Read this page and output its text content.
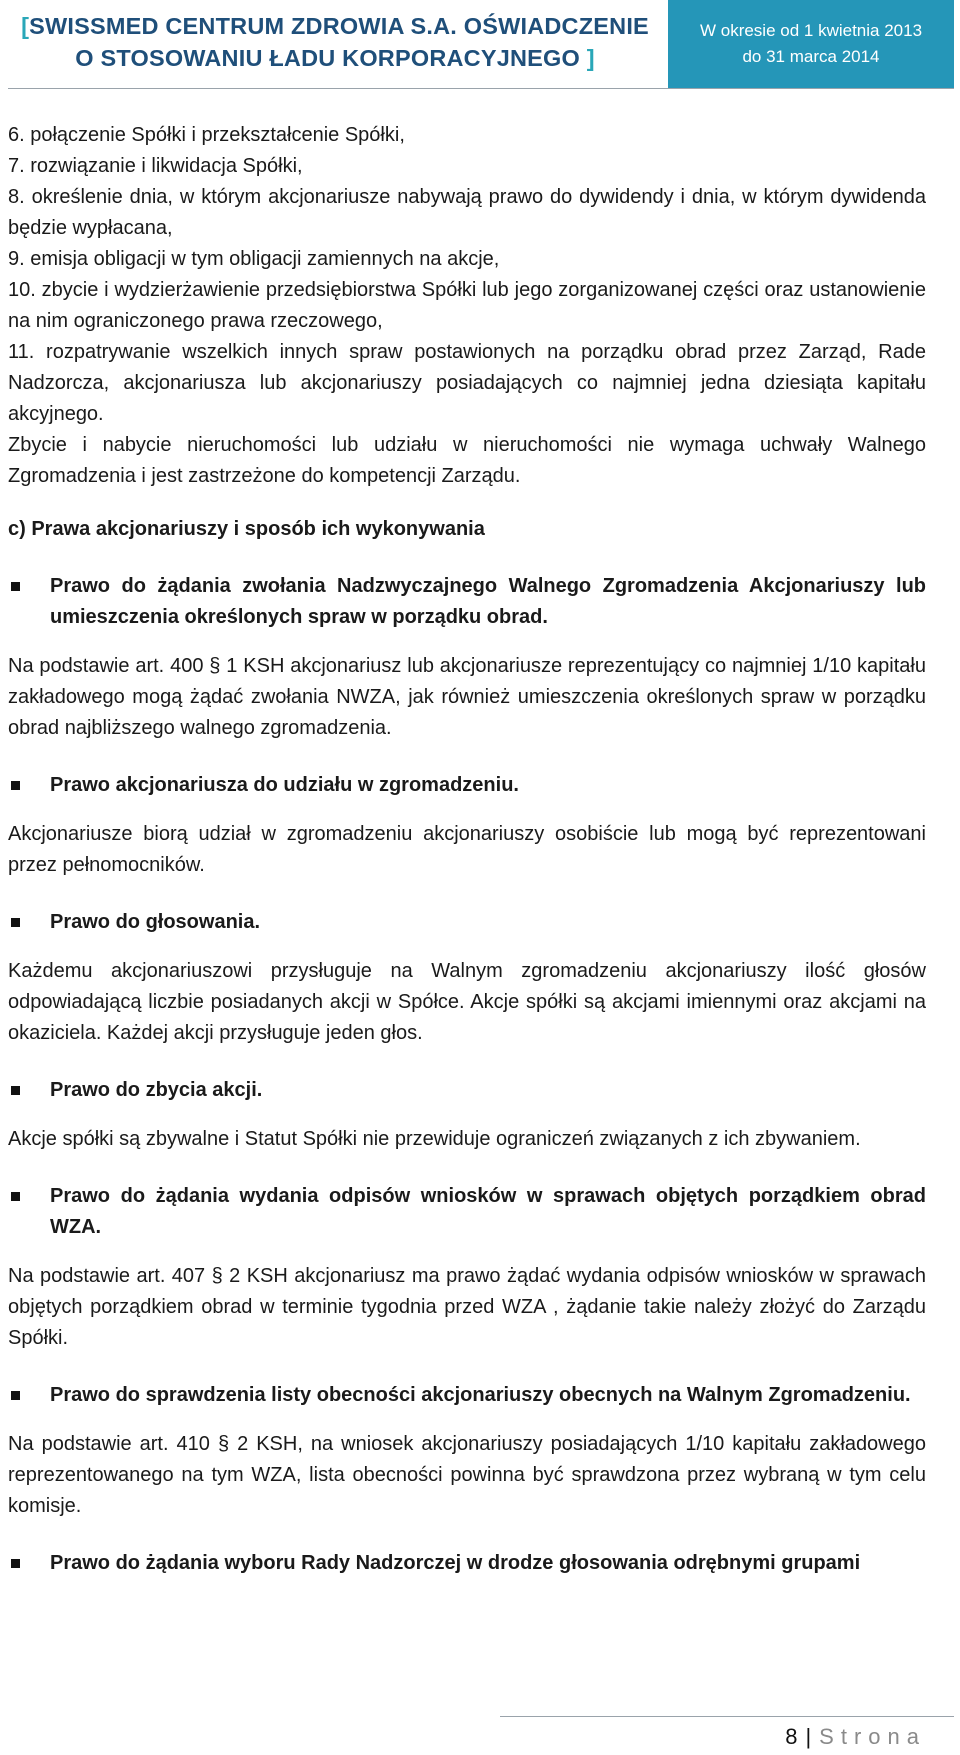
[SWISSMED CENTRUM ZDROWIA S.A. OŚWIADCZENIE O STOSOWANIU ŁADU KORPORACYJNEGO ]
W okresie od 1 kwietnia 2013
do 31 marca 2014

6. połączenie Spółki i przekształcenie Spółki,

7. rozwiązanie i likwidacja Spółki,

8. określenie dnia, w którym akcjonariusze nabywają prawo do dywidendy i dnia, w którym dywidenda będzie wypłacana,

9. emisja obligacji w tym obligacji zamiennych na akcje,

10. zbycie i wydzierżawienie przedsiębiorstwa Spółki lub jego zorganizowanej części oraz ustanowienie na nim ograniczonego prawa rzeczowego,

11. rozpatrywanie wszelkich innych spraw postawionych na porządku obrad przez Zarząd, Rade Nadzorcza, akcjonariusza lub akcjonariuszy posiadających co najmniej jedna dziesiąta kapitału akcyjnego.

Zbycie i nabycie nieruchomości lub udziału w nieruchomości nie wymaga uchwały Walnego Zgromadzenia i jest zastrzeżone do kompetencji Zarządu.

c) Prawa akcjonariuszy i sposób ich wykonywania

Prawo do żądania zwołania Nadzwyczajnego Walnego Zgromadzenia Akcjonariuszy lub umieszczenia określonych spraw w porządku obrad.

Na podstawie art. 400 § 1 KSH akcjonariusz lub akcjonariusze reprezentujący co najmniej 1/10 kapitału zakładowego mogą żądać zwołania NWZA, jak również umieszczenia określonych spraw w porządku obrad najbliższego walnego zgromadzenia.

Prawo akcjonariusza do udziału w zgromadzeniu.

Akcjonariusze biorą udział w zgromadzeniu akcjonariuszy osobiście lub mogą być reprezentowani przez pełnomocników.

Prawo do głosowania.

Każdemu akcjonariuszowi przysługuje na Walnym zgromadzeniu akcjonariuszy ilość głosów odpowiadającą liczbie posiadanych akcji w Spółce. Akcje spółki są akcjami imiennymi oraz akcjami na okaziciela. Każdej akcji przysługuje jeden głos.

Prawo do zbycia akcji.

Akcje spółki są zbywalne i Statut Spółki nie przewiduje ograniczeń związanych z ich zbywaniem.

Prawo do żądania wydania odpisów wniosków w sprawach objętych porządkiem obrad WZA.

Na podstawie art. 407 § 2 KSH akcjonariusz ma prawo żądać wydania odpisów wniosków w sprawach objętych porządkiem obrad w terminie tygodnia przed WZA , żądanie takie należy złożyć do Zarządu Spółki.

Prawo do sprawdzenia listy obecności akcjonariuszy obecnych na Walnym Zgromadzeniu.

Na podstawie art. 410 § 2 KSH, na wniosek akcjonariuszy posiadających 1/10 kapitału zakładowego reprezentowanego na tym WZA, lista obecności powinna być sprawdzona przez wybraną w tym celu komisje.

Prawo do żądania wyboru Rady Nadzorczej w drodze głosowania odrębnymi grupami
8 | Strona
